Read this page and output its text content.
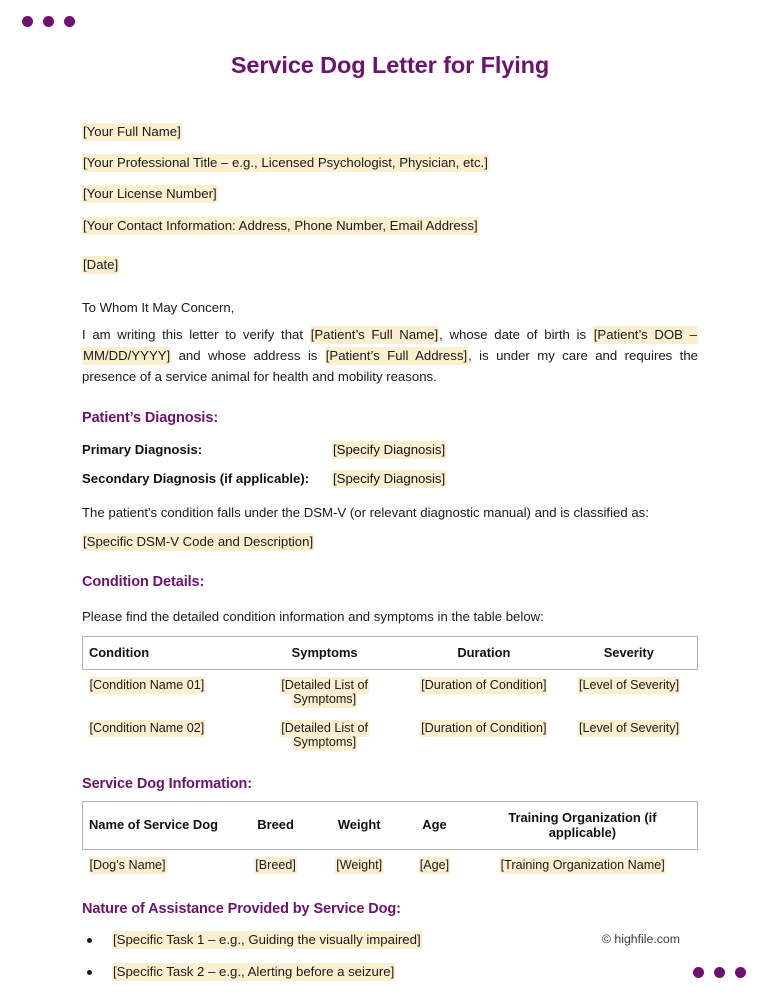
Service Dog Letter for Flying

[Your Full Name]

[Your Professional Title – e.g., Licensed Psychologist, Physician, etc.]

[Your License Number]

[Your Contact Information: Address, Phone Number, Email Address]

[Date]

To Whom It May Concern,

I am writing this letter to verify that [Patient’s Full Name], whose date of birth is [Patient’s DOB – MM/DD/YYYY] and whose address is [Patient’s Full Address], is under my care and requires the presence of a service animal for health and mobility reasons.

Patient’s Diagnosis:
Primary Diagnosis:	[Specify Diagnosis]
Secondary Diagnosis (if applicable):	[Specify Diagnosis]

The patient's condition falls under the DSM-V (or relevant diagnostic manual) and is classified as:

[Specific DSM-V Code and Description]

Condition Details:

Please find the detailed condition information and symptoms in the table below:

Condition	Symptoms	Duration	Severity
[Condition Name 01]	[Detailed List of Symptoms]	[Duration of Condition]	[Level of Severity]
[Condition Name 02]	[Detailed List of Symptoms]	[Duration of Condition]	[Level of Severity]
Service Dog Information:
Name of Service Dog	Breed	Weight	Age	Training Organization (if applicable)
[Dog’s Name]	[Breed]	[Weight]	[Age]	[Training Organization Name]
Nature of Assistance Provided by Service Dog:
[Specific Task 1 – e.g., Guiding the visually impaired]
[Specific Task 2 – e.g., Alerting before a seizure]
© highfile.com
